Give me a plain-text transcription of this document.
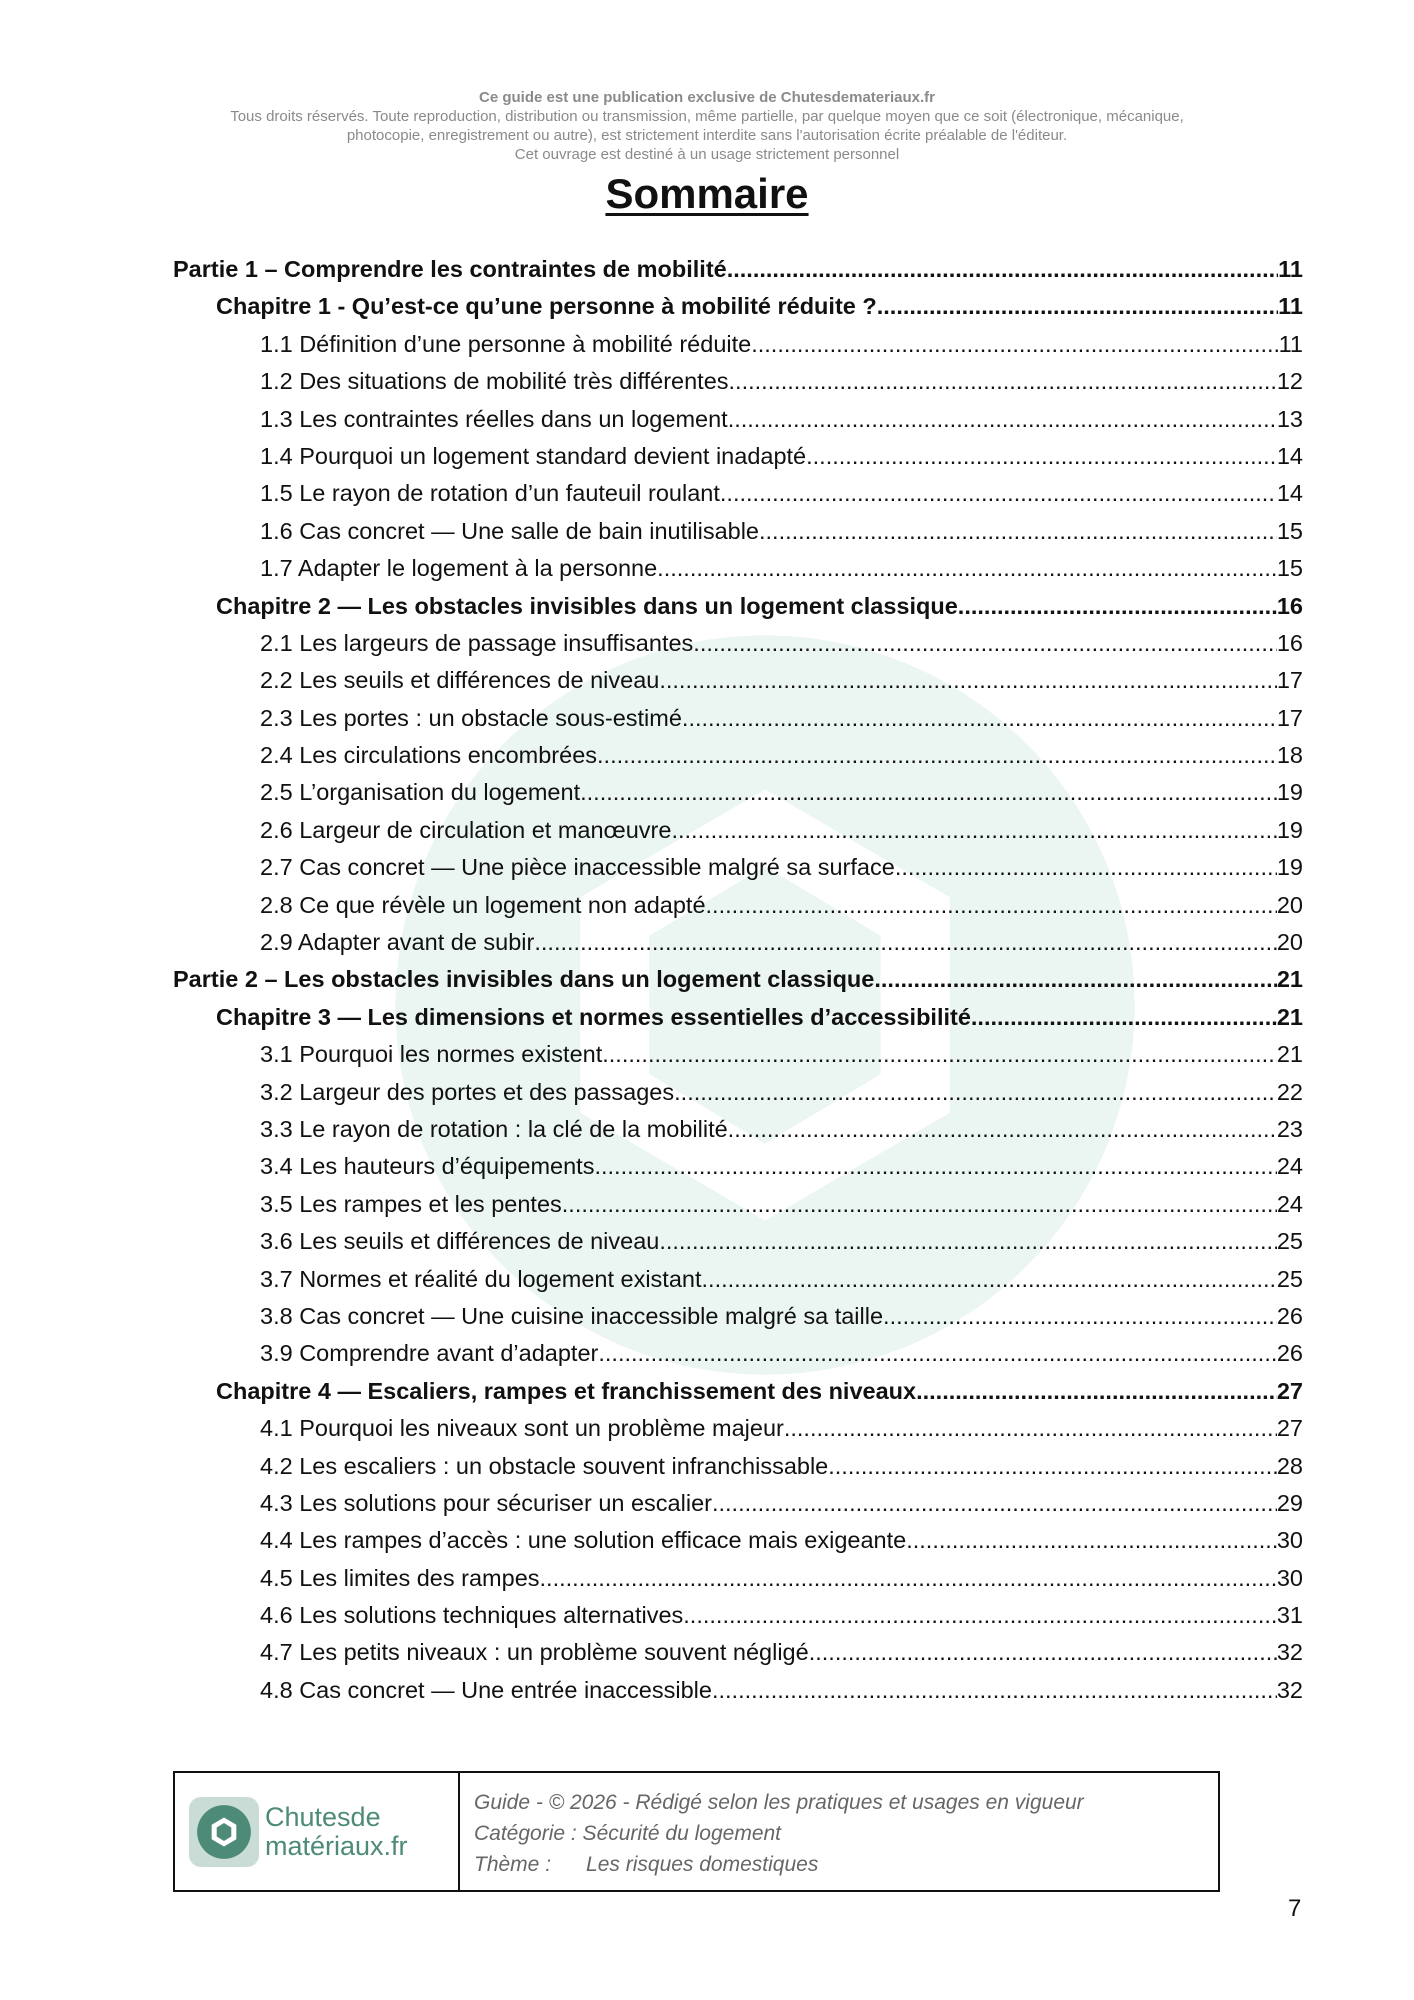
Ce guide est une publication exclusive de Chutesdemateriaux.fr
Tous droits réservés. Toute reproduction, distribution ou transmission, même partielle, par quelque moyen que ce soit (électronique, mécanique,
photocopie, enregistrement ou autre), est strictement interdite sans l'autorisation écrite préalable de l'éditeur.
Cet ouvrage est destiné à un usage strictement personnel
Sommaire
Partie 1 – Comprendre les contraintes de mobilité .....	11
Chapitre 1 - Qu’est-ce qu’une personne à mobilité réduite ? .....	11
1.1 Définition d’une personne à mobilité réduite .....	11
1.2 Des situations de mobilité très différentes .....	12
1.3 Les contraintes réelles dans un logement .....	13
1.4 Pourquoi un logement standard devient inadapté .....	14
1.5 Le rayon de rotation d’un fauteuil roulant .....	14
1.6 Cas concret — Une salle de bain inutilisable .....	15
1.7 Adapter le logement à la personne .....	15
Chapitre 2 — Les obstacles invisibles dans un logement classique .....	16
2.1 Les largeurs de passage insuffisantes .....	16
2.2 Les seuils et différences de niveau .....	17
2.3 Les portes : un obstacle sous-estimé .....	17
2.4 Les circulations encombrées .....	18
2.5 L’organisation du logement .....	19
2.6 Largeur de circulation et manœuvre .....	19
2.7 Cas concret — Une pièce inaccessible malgré sa surface .....	19
2.8 Ce que révèle un logement non adapté .....	20
2.9 Adapter avant de subir .....	20
Partie 2 – Les obstacles invisibles dans un logement classique .....	21
Chapitre 3 — Les dimensions et normes essentielles d’accessibilité .....	21
3.1 Pourquoi les normes existent .....	21
3.2 Largeur des portes et des passages .....	22
3.3 Le rayon de rotation : la clé de la mobilité .....	23
3.4 Les hauteurs d’équipements .....	24
3.5 Les rampes et les pentes .....	24
3.6 Les seuils et différences de niveau .....	25
3.7 Normes et réalité du logement existant .....	25
3.8 Cas concret — Une cuisine inaccessible malgré sa taille .....	26
3.9 Comprendre avant d’adapter .....	26
Chapitre 4 — Escaliers, rampes et franchissement des niveaux .....	27
4.1 Pourquoi les niveaux sont un problème majeur .....	27
4.2 Les escaliers : un obstacle souvent infranchissable .....	28
4.3 Les solutions pour sécuriser un escalier .....	29
4.4 Les rampes d’accès : une solution efficace mais exigeante .....	30
4.5 Les limites des rampes .....	30
4.6 Les solutions techniques alternatives .....	31
4.7 Les petits niveaux : un problème souvent négligé .....	32
4.8 Cas concret — Une entrée inaccessible .....	32
Chutesde
matériaux.fr
Guide - © 2026 - Rédigé selon les pratiques et usages en vigueur
Catégorie : Sécurité du logement
Thème :      Les risques domestiques
7
